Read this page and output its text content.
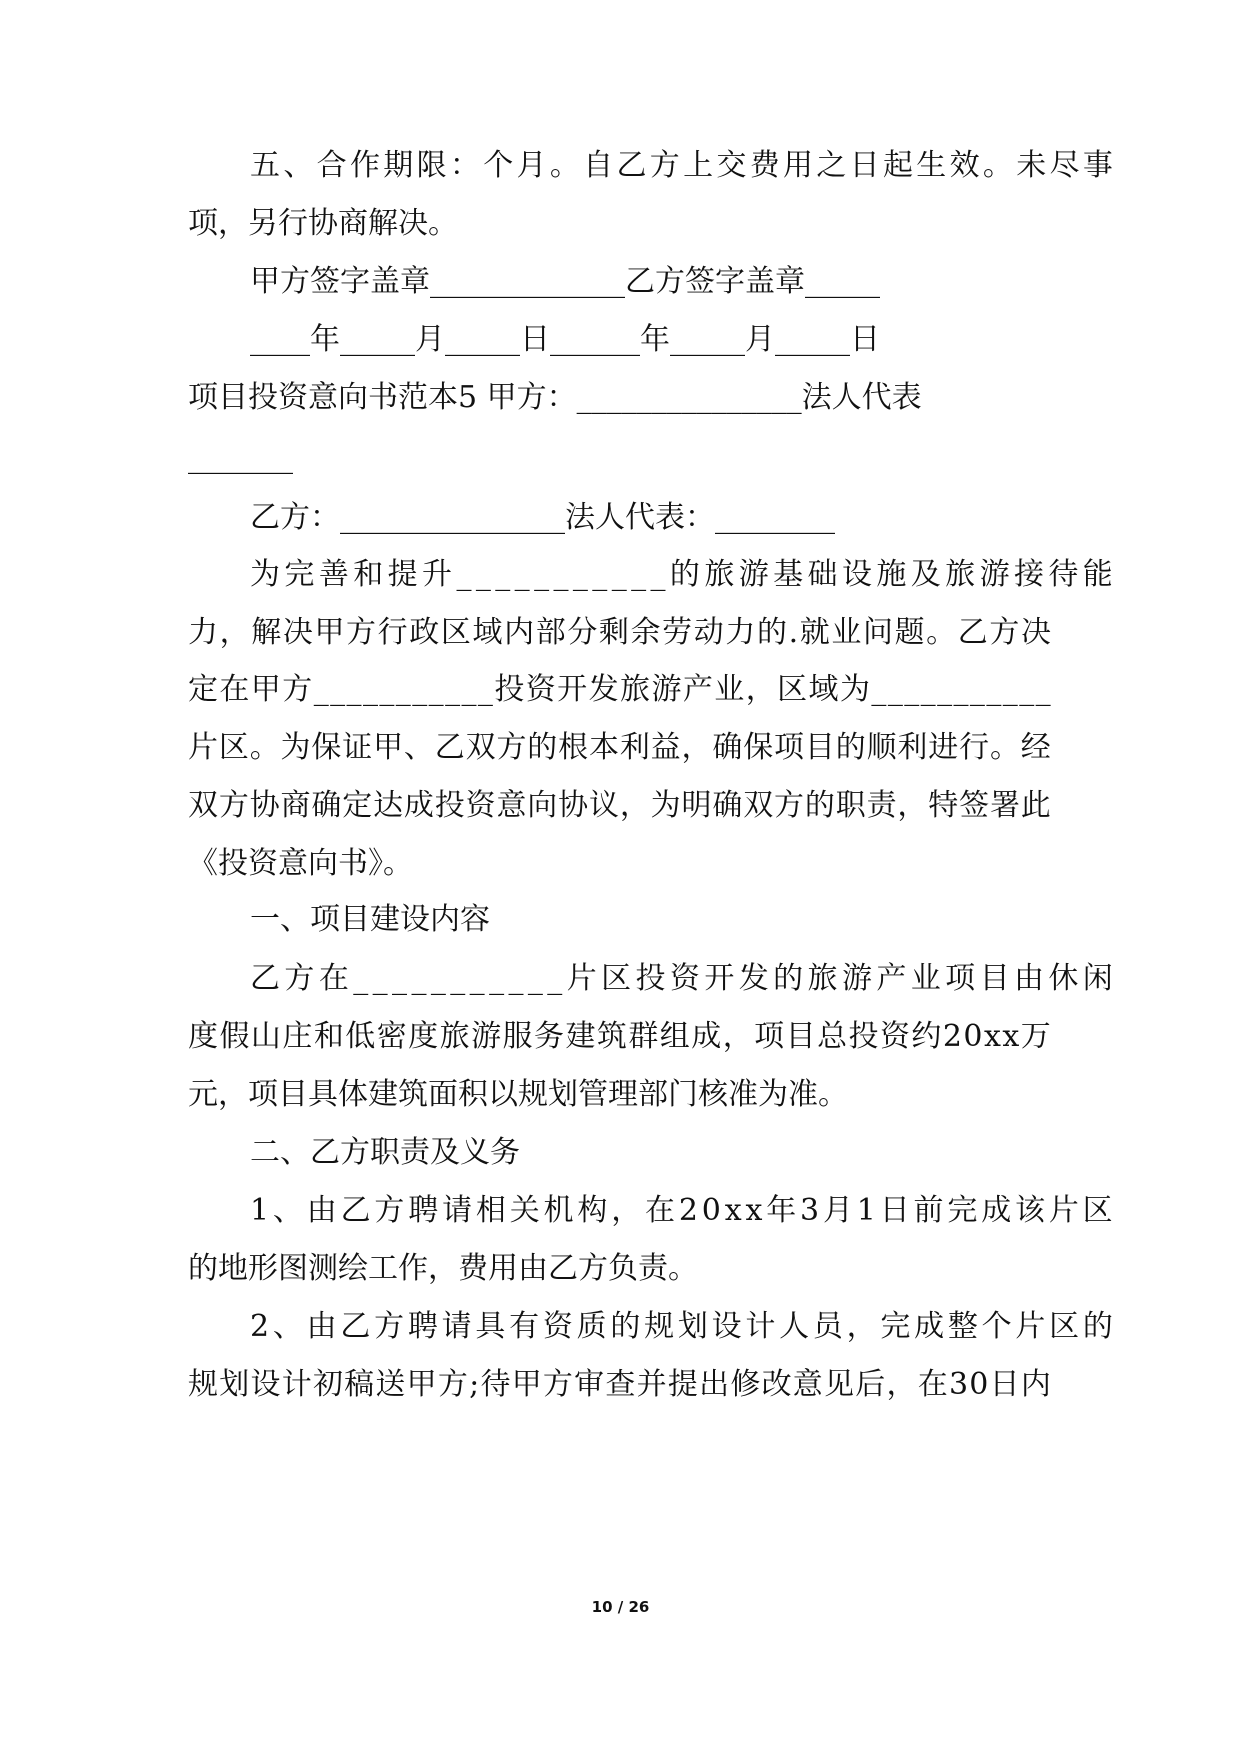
五 、 合 作 期 限 ： 个 月 。 自 乙 方 上 交 费 用 之 日 起 生 效 。 未 尽 事
项，另行协商解决。
甲方签字盖章_____________乙方签字盖章_____
____年_____月_____日______年_____月_____日
项目投资意向书范本5 甲方：_______________法人代表
_______
乙方：_______________法人代表：________
为 完 善 和 提 升 _ _ _ _ _ _ _ _ _ _ _ 的 旅 游 基 础 设 施 及 旅 游 接 待 能
力 ， 解 决 甲 方 行 政 区 域 内 部 分 剩 余 劳 动 力 的 . 就 业 问 题 。 乙 方 决
定 在 甲 方 _ _ _ _ _ _ _ _ _ _ _ 投 资 开 发 旅 游 产 业 ， 区 域 为 _ _ _ _ _ _ _ _ _ _ _
片 区 。 为 保 证 甲 、 乙 双 方 的 根 本 利 益 ， 确 保 项 目 的 顺 利 进 行 。 经
双 方 协 商 确 定 达 成 投 资 意 向 协 议 ， 为 明 确 双 方 的 职 责 ， 特 签 署 此
《投资意向书》。
一、项目建设内容
乙 方 在 _ _ _ _ _ _ _ _ _ _ _ 片 区 投 资 开 发 的 旅 游 产 业 项 目 由 休 闲
度 假 山 庄 和 低 密 度 旅 游 服 务 建 筑 群 组 成 ， 项 目 总 投 资 约 2 0 x x 万
元，项目具体建筑面积以规划管理部门核准为准。
二、乙方职责及义务
1 、 由 乙 方 聘 请 相 关 机 构 ， 在 2 0 x x 年 3 月 1 日 前 完 成 该 片 区
的地形图测绘工作，费用由乙方负责。
2 、 由 乙 方 聘 请 具 有 资 质 的 规 划 设 计 人 员 ， 完 成 整 个 片 区 的
规 划 设 计 初 稿 送 甲 方 ; 待 甲 方 审 查 并 提 出 修 改 意 见 后 ， 在 3 0 日 内
10 / 26
